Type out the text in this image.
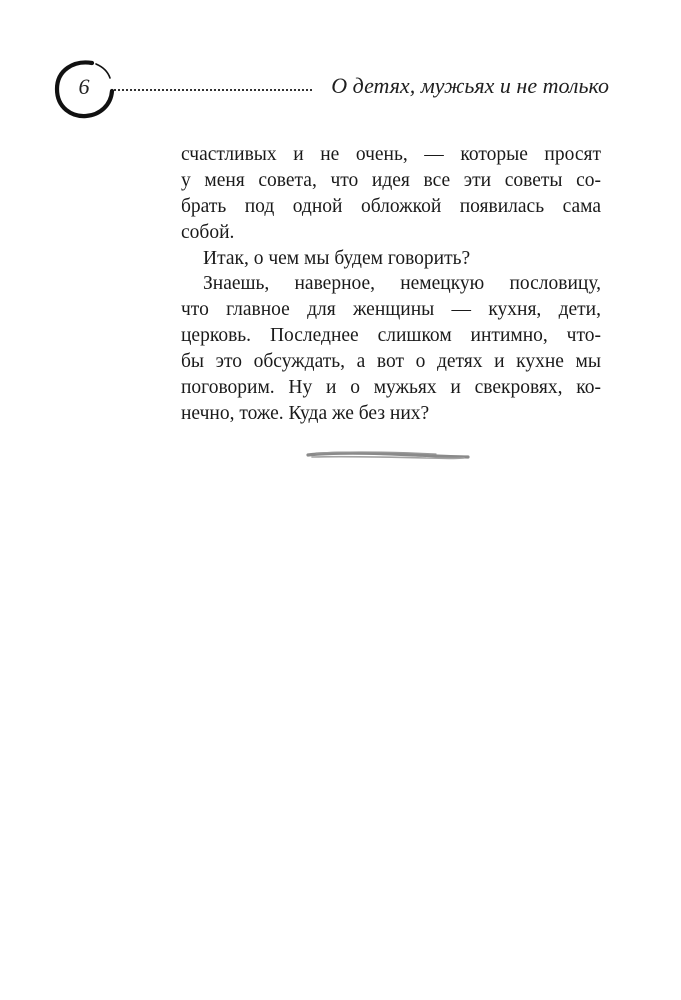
6	О детях, мужьях и не только
счастливых и не очень, — которые просят
у меня совета, что идея все эти советы со-
брать под одной обложкой появилась сама
собой.
Итак, о чем мы будем говорить?
Знаешь, наверное, немецкую пословицу,
что главное для женщины — кухня, дети,
церковь. Последнее слишком интимно, что-
бы это обсуждать, а вот о детях и кухне мы
поговорим. Ну и о мужьях и свекровях, ко-
нечно, тоже. Куда же без них?
